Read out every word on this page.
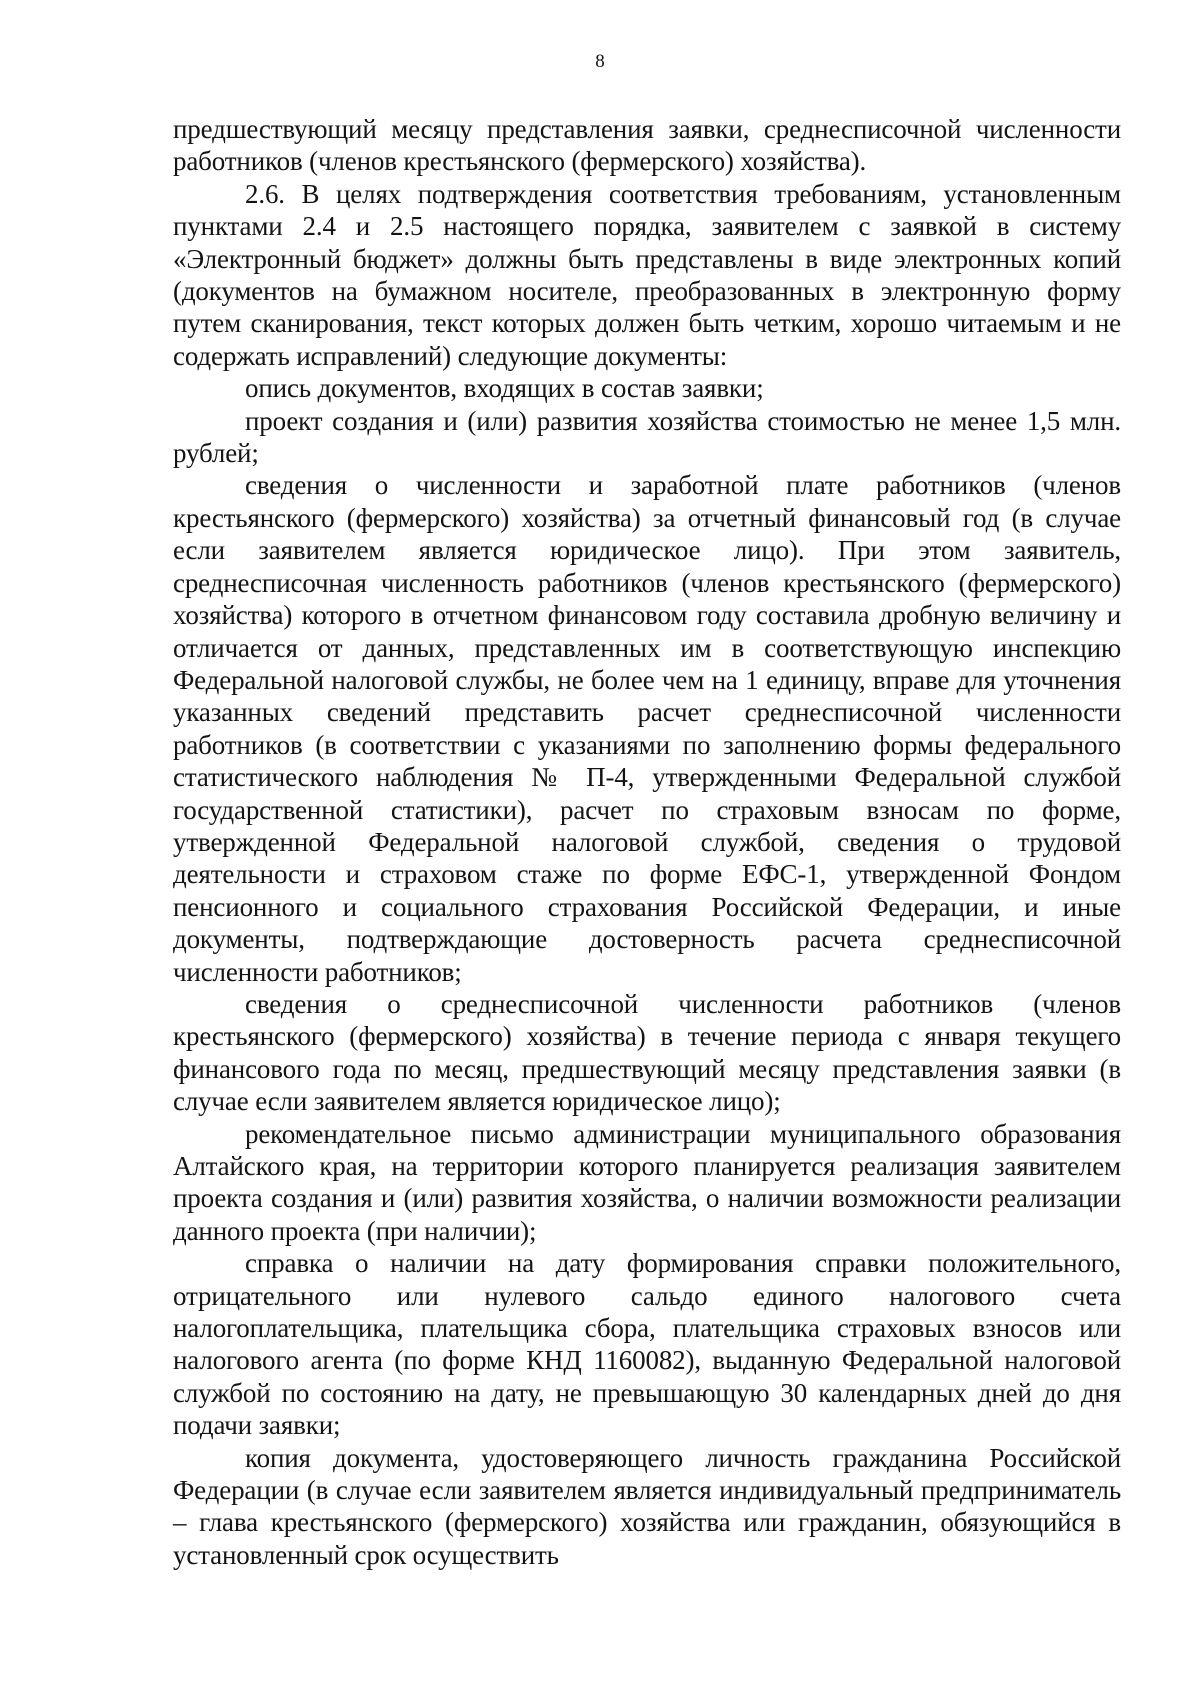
8

предшествующий месяцу представления заявки, среднесписочной численности работников (членов крестьянского (фермерского) хозяйства).

2.6. В целях подтверждения соответствия требованиям, установленным пунктами 2.4 и 2.5 настоящего порядка, заявителем с заявкой в систему «Электронный бюджет» должны быть представлены в виде электронных копий (документов на бумажном носителе, преобразованных в электронную форму путем сканирования, текст которых должен быть четким, хорошо читаемым и не содержать исправлений) следующие документы:

опись документов, входящих в состав заявки;

проект создания и (или) развития хозяйства стоимостью не менее 1,5 млн. рублей;

сведения о численности и заработной плате работников (членов крестьянского (фермерского) хозяйства) за отчетный финансовый год (в случае если заявителем является юридическое лицо). При этом заявитель, среднесписочная численность работников (членов крестьянского (фермерского) хозяйства) которого в отчетном финансовом году составила дробную величину и отличается от данных, представленных им в соответствующую инспекцию Федеральной налоговой службы, не более чем на 1 единицу, вправе для уточнения указанных сведений представить расчет среднесписочной численности работников (в соответствии с указаниями по заполнению формы федерального статистического наблюдения № П-4, утвержденными Федеральной службой государственной статистики), расчет по страховым взносам по форме, утвержденной Федеральной налоговой службой, сведения о трудовой деятельности и страховом стаже по форме ЕФС-1, утвержденной Фондом пенсионного и социального страхования Российской Федерации, и иные документы, подтверждающие достоверность расчета среднесписочной численности работников;

сведения о среднесписочной численности работников (членов крестьянского (фермерского) хозяйства) в течение периода с января текущего финансового года по месяц, предшествующий месяцу представления заявки (в случае если заявителем является юридическое лицо);

рекомендательное письмо администрации муниципального образования Алтайского края, на территории которого планируется реализация заявителем проекта создания и (или) развития хозяйства, о наличии возможности реализации данного проекта (при наличии);

справка о наличии на дату формирования справки положительного, отрицательного или нулевого сальдо единого налогового счета налогоплательщика, плательщика сбора, плательщика страховых взносов или налогового агента (по форме КНД 1160082), выданную Федеральной налоговой службой по состоянию на дату, не превышающую 30 календарных дней до дня подачи заявки;

копия документа, удостоверяющего личность гражданина Российской Федерации (в случае если заявителем является индивидуальный предприниматель – глава крестьянского (фермерского) хозяйства или гражданин, обязующийся в установленный срок осуществить
